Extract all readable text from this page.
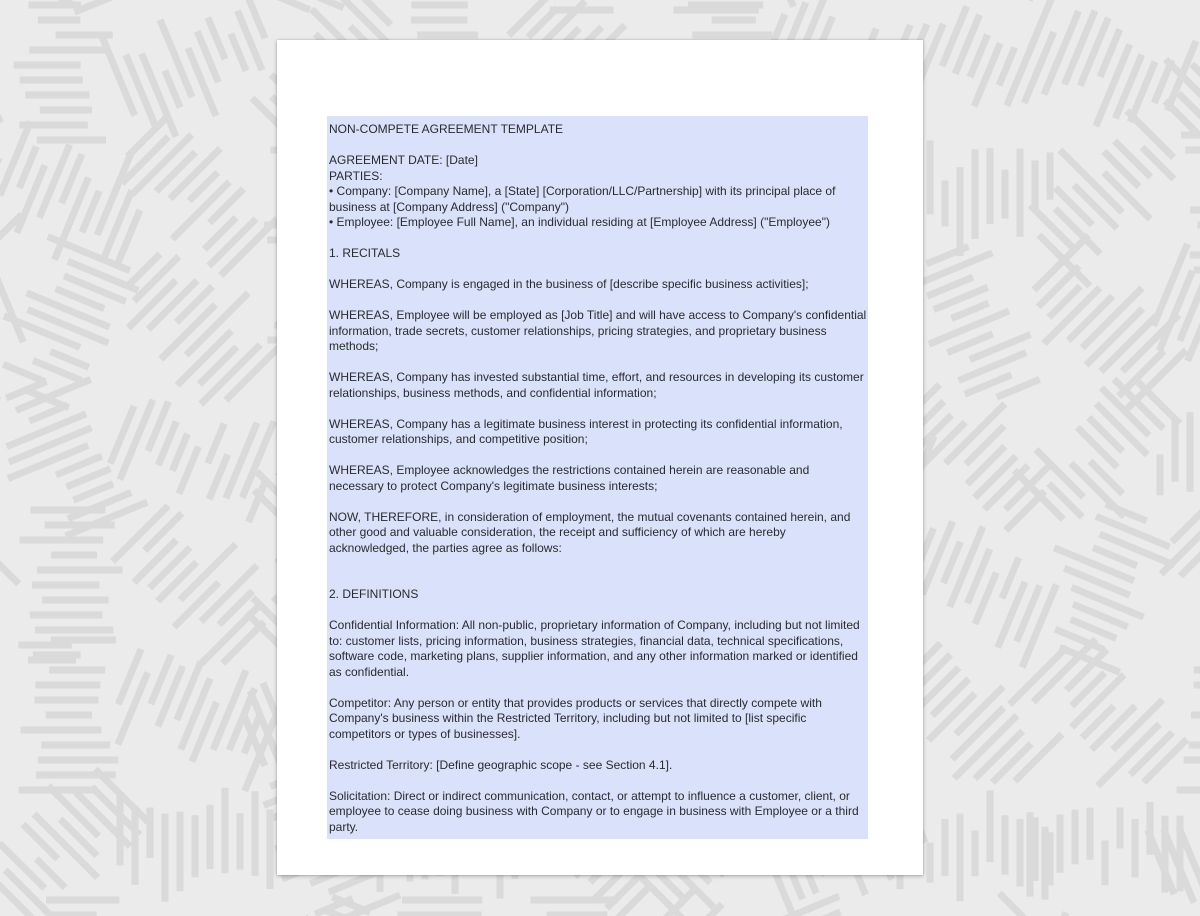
NON-COMPETE AGREEMENT TEMPLATE

AGREEMENT DATE: [Date]

PARTIES:

• Company: [Company Name], a [State] [Corporation/LLC/Partnership] with its principal place of business at [Company Address] ("Company")

• Employee: [Employee Full Name], an individual residing at [Employee Address] ("Employee")

1. RECITALS

WHEREAS, Company is engaged in the business of [describe specific business activities];

WHEREAS, Employee will be employed as [Job Title] and will have access to Company's confidential information, trade secrets, customer relationships, pricing strategies, and proprietary business methods;

WHEREAS, Company has invested substantial time, effort, and resources in developing its customer relationships, business methods, and confidential information;

WHEREAS, Company has a legitimate business interest in protecting its confidential information, customer relationships, and competitive position;

WHEREAS, Employee acknowledges the restrictions contained herein are reasonable and necessary to protect Company's legitimate business interests;

NOW, THEREFORE, in consideration of employment, the mutual covenants contained herein, and other good and valuable consideration, the receipt and sufficiency of which are hereby acknowledged, the parties agree as follows:

2. DEFINITIONS

Confidential Information: All non-public, proprietary information of Company, including but not limited to: customer lists, pricing information, business strategies, financial data, technical specifications, software code, marketing plans, supplier information, and any other information marked or identified as confidential.

Competitor: Any person or entity that provides products or services that directly compete with Company's business within the Restricted Territory, including but not limited to [list specific competitors or types of businesses].

Restricted Territory: [Define geographic scope - see Section 4.1].

Solicitation: Direct or indirect communication, contact, or attempt to influence a customer, client, or employee to cease doing business with Company or to engage in business with Employee or a third party.
